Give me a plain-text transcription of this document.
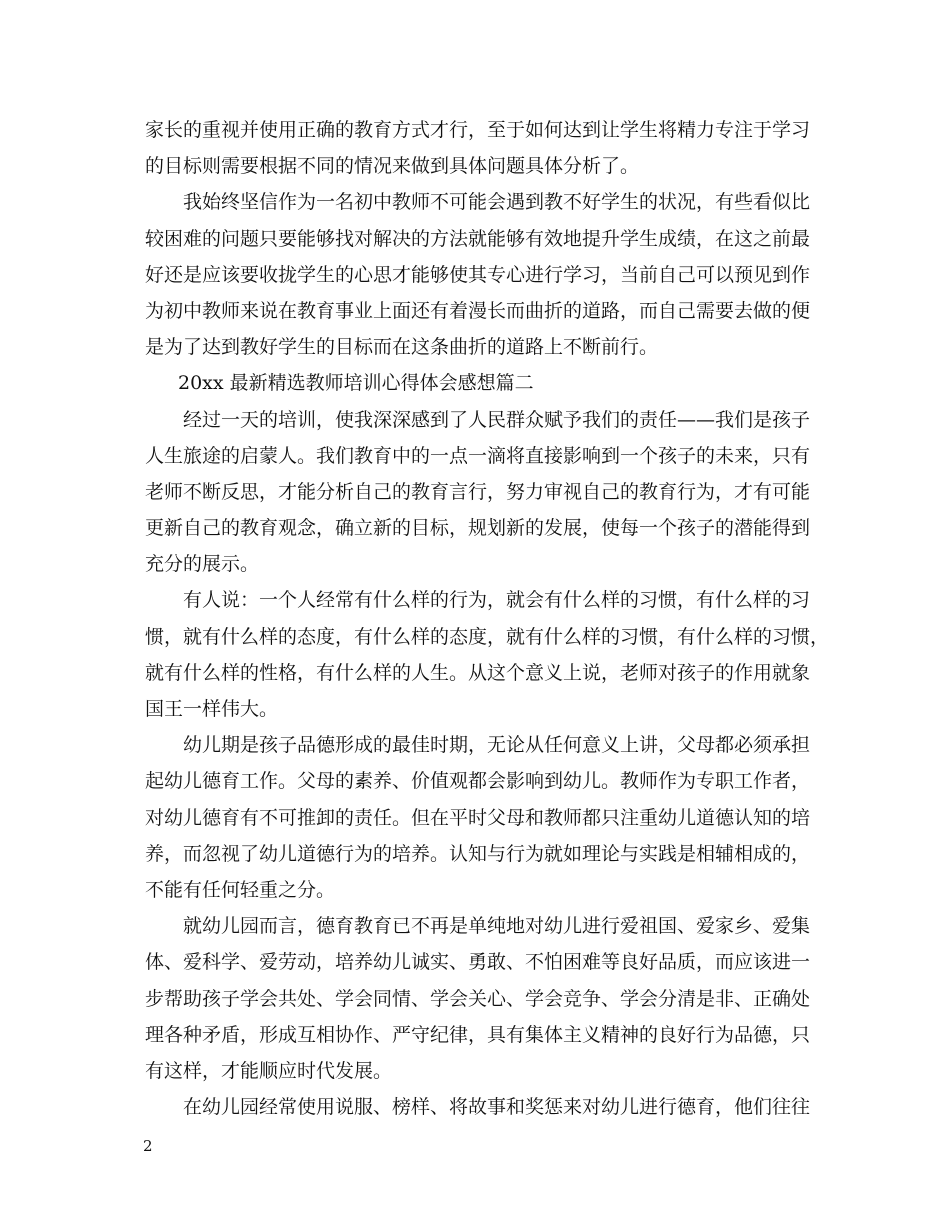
家长的重视并使用正确的教育方式才行，至于如何达到让学生将精力专注于学习
的目标则需要根据不同的情况来做到具体问题具体分析了。
我始终坚信作为一名初中教师不可能会遇到教不好学生的状况，有些看似比
较困难的问题只要能够找对解决的方法就能够有效地提升学生成绩，在这之前最
好还是应该要收拢学生的心思才能够使其专心进行学习，当前自己可以预见到作
为初中教师来说在教育事业上面还有着漫长而曲折的道路，而自己需要去做的便
是为了达到教好学生的目标而在这条曲折的道路上不断前行。
20xx 最新精选教师培训心得体会感想篇二
经过一天的培训，使我深深感到了人民群众赋予我们的责任——我们是孩子
人生旅途的启蒙人。我们教育中的一点一滴将直接影响到一个孩子的未来，只有
老师不断反思，才能分析自己的教育言行，努力审视自己的教育行为，才有可能
更新自己的教育观念，确立新的目标，规划新的发展，使每一个孩子的潜能得到
充分的展示。
有人说：一个人经常有什么样的行为，就会有什么样的习惯，有什么样的习
惯，就有什么样的态度，有什么样的态度，就有什么样的习惯，有什么样的习惯，
就有什么样的性格，有什么样的人生。从这个意义上说，老师对孩子的作用就象
国王一样伟大。
幼儿期是孩子品德形成的最佳时期，无论从任何意义上讲，父母都必须承担
起幼儿德育工作。父母的素养、价值观都会影响到幼儿。教师作为专职工作者，
对幼儿德育有不可推卸的责任。但在平时父母和教师都只注重幼儿道德认知的培
养，而忽视了幼儿道德行为的培养。认知与行为就如理论与实践是相辅相成的，
不能有任何轻重之分。
就幼儿园而言，德育教育已不再是单纯地对幼儿进行爱祖国、爱家乡、爱集
体、爱科学、爱劳动，培养幼儿诚实、勇敢、不怕困难等良好品质，而应该进一
步帮助孩子学会共处、学会同情、学会关心、学会竞争、学会分清是非、正确处
理各种矛盾，形成互相协作、严守纪律，具有集体主义精神的良好行为品德，只
有这样，才能顺应时代发展。
在幼儿园经常使用说服、榜样、将故事和奖惩来对幼儿进行德育，他们往往
2
